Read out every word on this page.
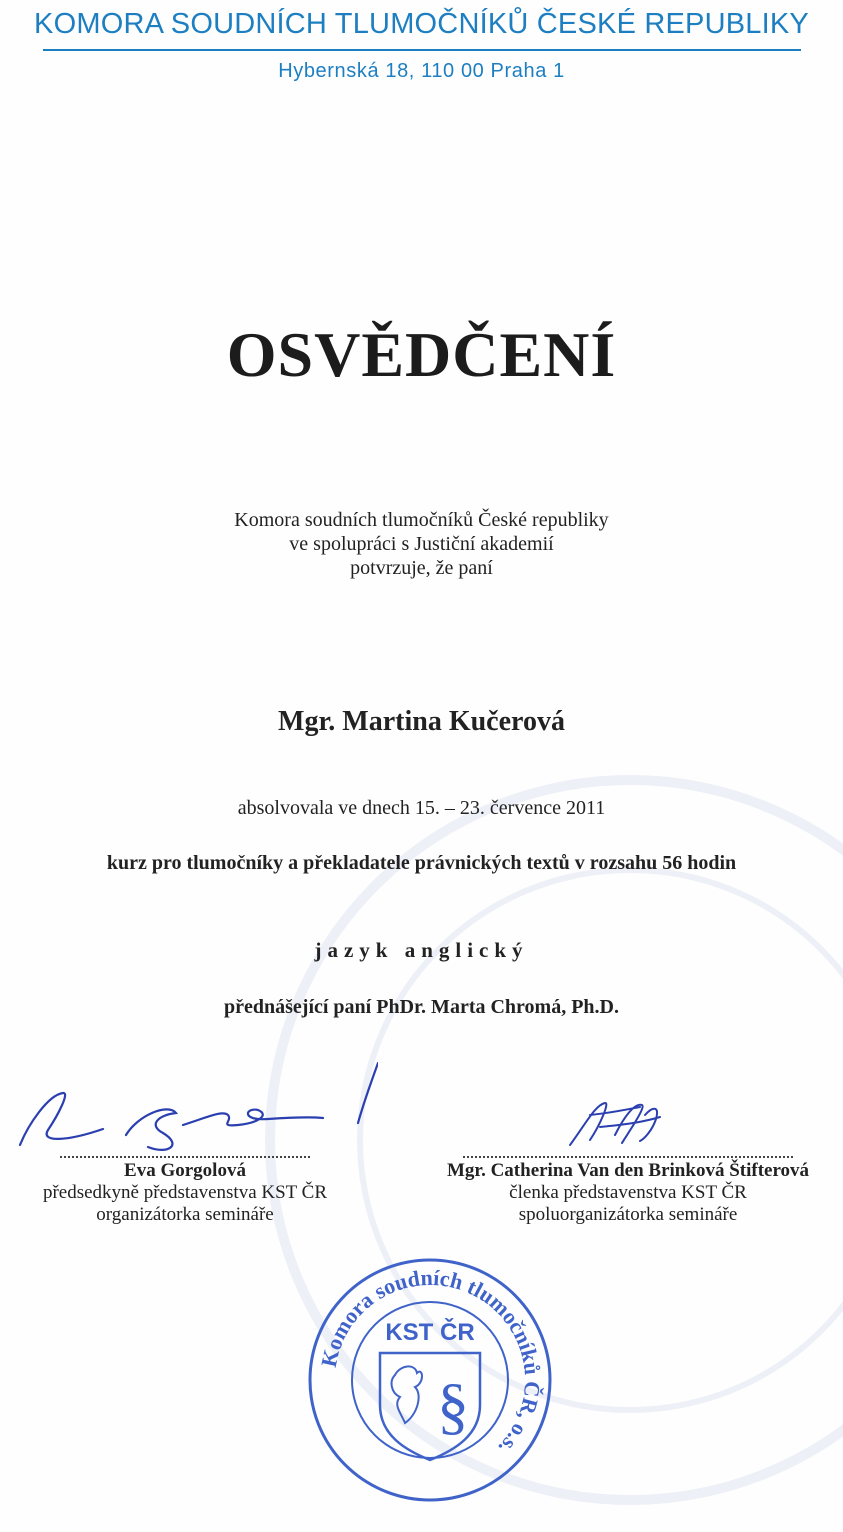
KOMORA SOUDNÍCH TLUMOČNÍKŮ ČESKÉ REPUBLIKY
Hybernská 18, 110 00 Praha 1
OSVĚDČENÍ
Komora soudních tlumočníků České republiky
ve spolupráci s Justiční akademií
potvrzuje, že paní
Mgr. Martina Kučerová
absolvovala ve dnech 15. – 23. července 2011
kurz pro tlumočníky a překladatele právnických textů v rozsahu 56 hodin
jazyk anglický
přednášející paní PhDr. Marta Chromá, Ph.D.
Eva Gorgolová
předsedkyně představenstva KST ČR
organizátorka semináře
Mgr. Catherina Van den Brinková Štifterová
členka představenstva KST ČR
spoluorganizátorka semináře
Komora soudních tlumočníků ČR, o.s.
KST ČR
§
